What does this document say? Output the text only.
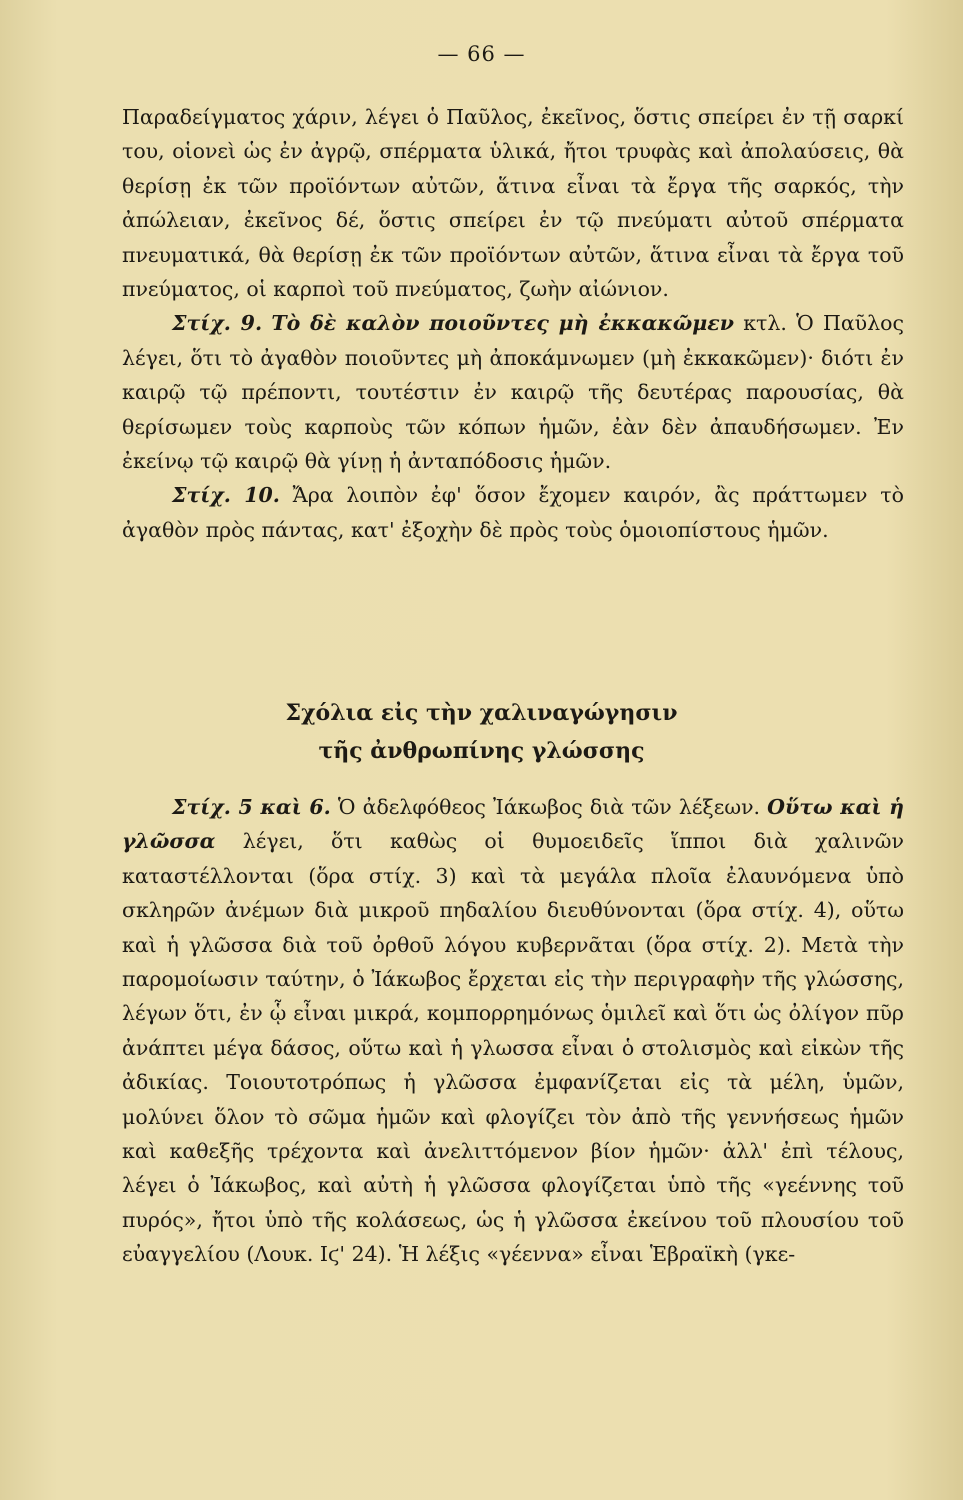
— 66 —

Παραδείγματος χάριν, λέγει ὁ Παῦλος, ἐκεῖνος, ὅστις σπείρει ἐν τῇ σαρκί του, οἱονεὶ ὡς ἐν ἀγρῷ, σπέρματα ὑλικά, ἤτοι τρυφὰς καὶ ἀπολαύσεις, θὰ θερίσῃ ἐκ τῶν προϊόντων αὐτῶν, ἅτινα εἶναι τὰ ἔργα τῆς σαρκός, τὴν ἀπώλειαν, ἐκεῖνος δέ, ὅστις σπείρει ἐν τῷ πνεύματι αὐτοῦ σπέρματα πνευματικά, θὰ θερίσῃ ἐκ τῶν προϊόντων αὐτῶν, ἅτινα εἶναι τὰ ἔργα τοῦ πνεύματος, οἱ καρποὶ τοῦ πνεύματος, ζωὴν αἰώνιον.

Στίχ. 9. Τὸ δὲ καλὸν ποιοῦντες μὴ ἐκκακῶμεν κτλ. Ὁ Παῦλος λέγει, ὅτι τὸ ἀγαθὸν ποιοῦντες μὴ ἀποκάμνωμεν (μὴ ἐκκακῶμεν)· διότι ἐν καιρῷ τῷ πρέποντι, τουτέστιν ἐν καιρῷ τῆς δευτέρας παρουσίας, θὰ θερίσωμεν τοὺς καρποὺς τῶν κόπων ἡμῶν, ἐὰν δὲν ἀπαυδήσωμεν. Ἐν ἐκείνῳ τῷ καιρῷ θὰ γίνῃ ἡ ἀνταπόδοσις ἡμῶν.

Στίχ. 10. Ἄρα λοιπὸν ἐφ' ὅσον ἔχομεν καιρόν, ἂς πράττωμεν τὸ ἀγαθὸν πρὸς πάντας, κατ' ἐξοχὴν δὲ πρὸς τοὺς ὁμοιοπίστους ἡμῶν.

Σχόλια εἰς τὴν χαλιναγώγησιν
τῆς ἀνθρωπίνης γλώσσης

Στίχ. 5 καὶ 6. Ὁ ἀδελφόθεος Ἰάκωβος διὰ τῶν λέξεων. Οὕτω καὶ ἡ γλῶσσα λέγει, ὅτι καθὼς οἱ θυμοειδεῖς ἵπποι διὰ χαλινῶν καταστέλλονται (ὅρα στίχ. 3) καὶ τὰ μεγάλα πλοῖα ἐλαυνόμενα ὑπὸ σκληρῶν ἀνέμων διὰ μικροῦ πηδαλίου διευθύνονται (ὅρα στίχ. 4), οὕτω καὶ ἡ γλῶσσα διὰ τοῦ ὀρθοῦ λόγου κυβερνᾶται (ὅρα στίχ. 2). Μετὰ τὴν παρομοίωσιν ταύτην, ὁ Ἰάκωβος ἔρχεται εἰς τὴν περιγραφὴν τῆς γλώσσης, λέγων ὅτι, ἐν ᾧ εἶναι μικρά, κομπορρημόνως ὁμιλεῖ καὶ ὅτι ὡς ὀλίγον πῦρ ἀνάπτει μέγα δάσος, οὕτω καὶ ἡ γλωσσα εἶναι ὁ στολισμὸς καὶ εἰκὼν τῆς ἀδικίας. Τοιουτοτρόπως ἡ γλῶσσα ἐμφανίζεται εἰς τὰ μέλη, ὑμῶν, μολύνει ὅλον τὸ σῶμα ἡμῶν καὶ φλογίζει τὸν ἀπὸ τῆς γεννήσεως ἡμῶν καὶ καθεξῆς τρέχοντα καὶ ἀνελιττόμενον βίον ἡμῶν· ἀλλ' ἐπὶ τέλους, λέγει ὁ Ἰάκωβος, καὶ αὐτὴ ἡ γλῶσσα φλογίζεται ὑπὸ τῆς «γεέννης τοῦ πυρός», ἤτοι ὑπὸ τῆς κολάσεως, ὡς ἡ γλῶσσα ἐκείνου τοῦ πλουσίου τοῦ εὐαγγελίου (Λουκ. Ιϛ' 24). Ἡ λέξις «γέεννα» εἶναι Ἑβραϊκὴ (γκε-
